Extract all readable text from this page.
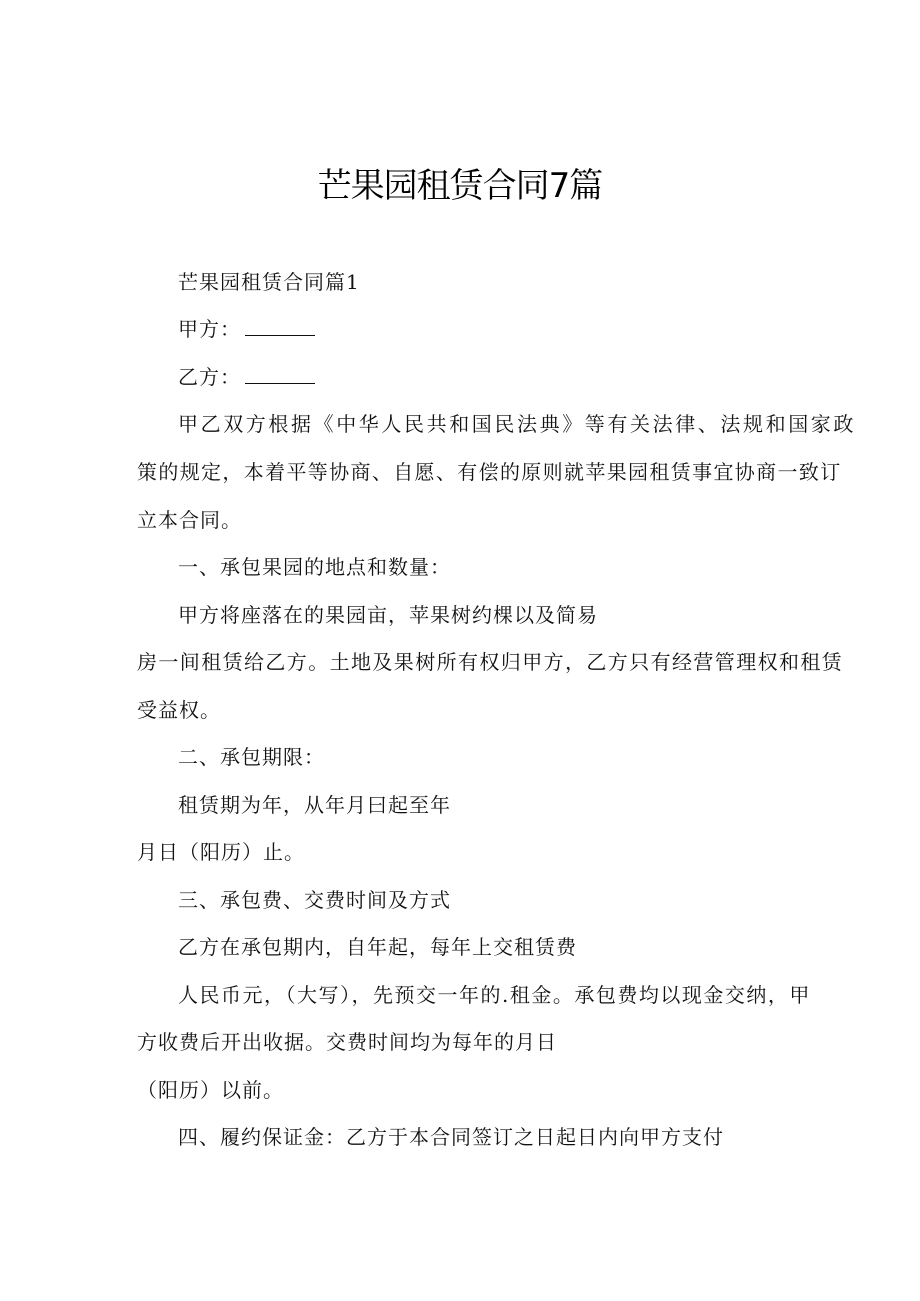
芒果园租赁合同7篇

芒果园租赁合同篇1

甲方：

乙方：

甲乙双方根据《中华人民共和国民法典》等有关法律、法规和国家政

策的规定，本着平等协商、自愿、有偿的原则就苹果园租赁事宜协商一致订

立本合同。

一、承包果园的地点和数量：

甲方将座落在的果园亩，苹果树约棵以及简易

房一间租赁给乙方。土地及果树所有权归甲方，乙方只有经营管理权和租赁

受益权。

二、承包期限：

租赁期为年，从年月曰起至年

月日（阳历）止。

三、承包费、交费时间及方式

乙方在承包期内，自年起，每年上交租赁费

人民币元，（大写），先预交一年的.租金。承包费均以现金交纳，甲

方收费后开出收据。交费时间均为每年的月日

（阳历）以前。

四、履约保证金：乙方于本合同签订之日起日内向甲方支付
